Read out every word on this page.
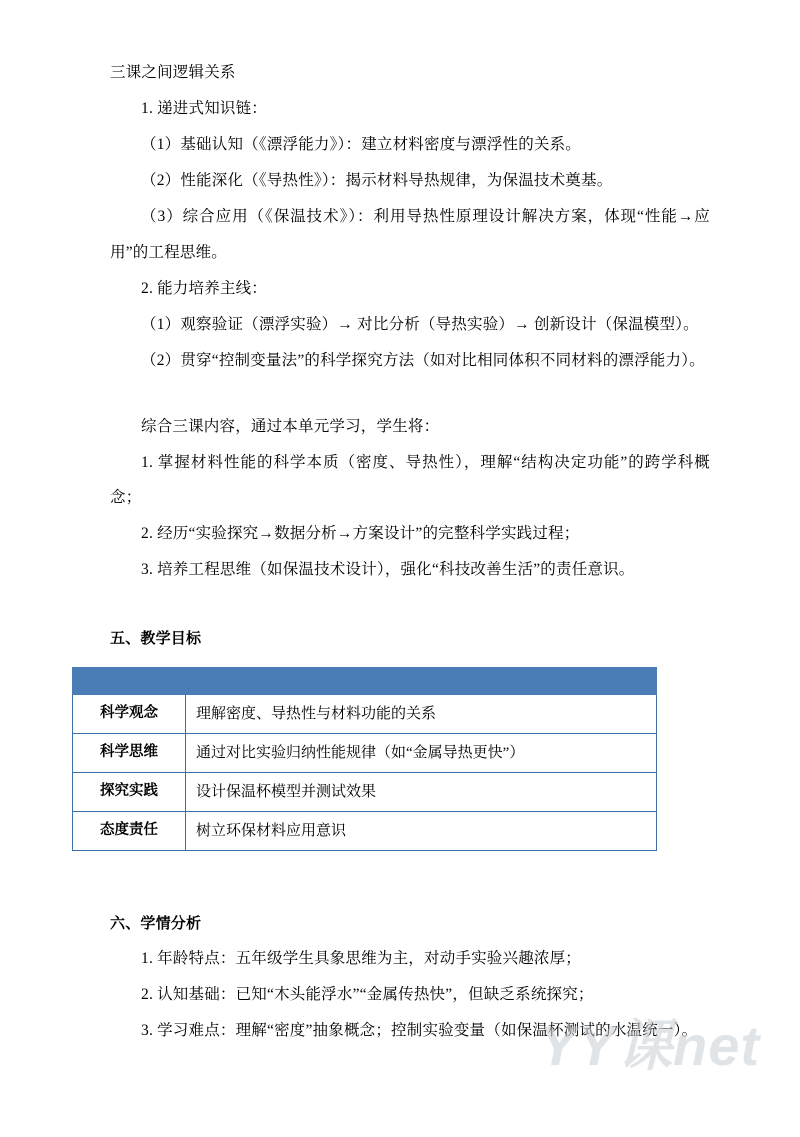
YY课net

三课之间逻辑关系

1. 递进式知识链：

（1）基础认知（《漂浮能力》）：建立材料密度与漂浮性的关系。

（2）性能深化（《导热性》）：揭示材料导热规律，为保温技术奠基。

（3）综合应用（《保温技术》）：利用导热性原理设计解决方案，体现“性能→应用”的工程思维。

2. 能力培养主线：

（1）观察验证（漂浮实验）→ 对比分析（导热实验）→ 创新设计（保温模型）。

（2）贯穿“控制变量法”的科学探究方法（如对比相同体积不同材料的漂浮能力）。

综合三课内容，通过本单元学习，学生将：

1. 掌握材料性能的科学本质（密度、导热性），理解“结构决定功能”的跨学科概念；

2. 经历“实验探究→数据分析→方案设计”的完整科学实践过程；

3. 培养工程思维（如保温技术设计），强化“科技改善生活”的责任意识。

五、教学目标

科学观念	理解密度、导热性与材料功能的关系
科学思维	通过对比实验归纳性能规律（如“金属导热更快”）
探究实践	设计保温杯模型并测试效果
态度责任	树立环保材料应用意识

六、学情分析

1. 年龄特点：五年级学生具象思维为主，对动手实验兴趣浓厚；

2. 认知基础：已知“木头能浮水”“金属传热快”，但缺乏系统探究；

3. 学习难点：理解“密度”抽象概念；控制实验变量（如保温杯测试的水温统一）。
